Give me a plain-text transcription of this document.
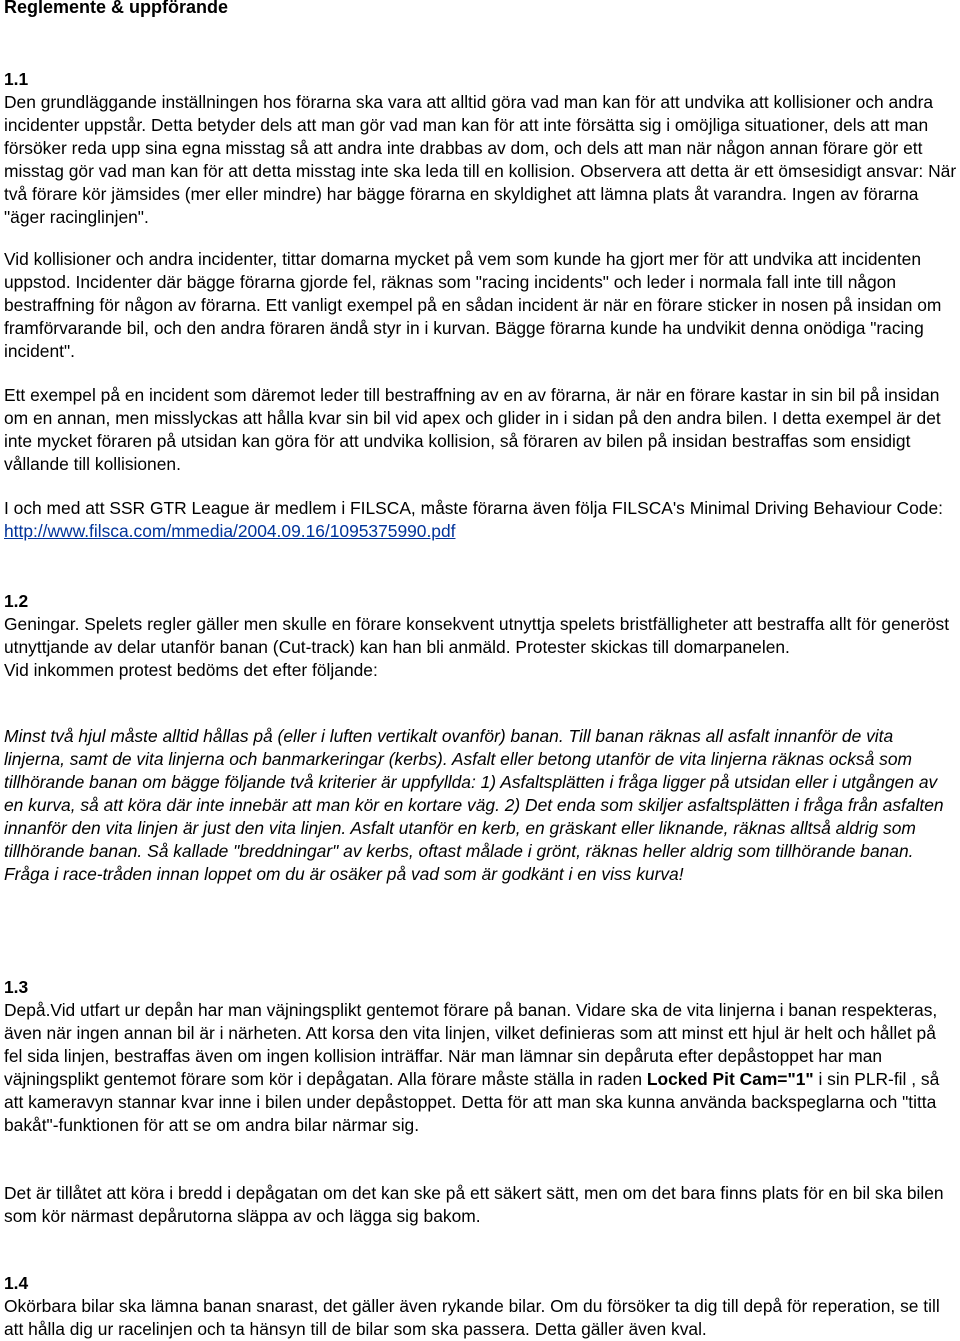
Reglemente & uppförande
1.1
Den grundläggande inställningen hos förarna ska vara att alltid göra vad man kan för att undvika att kollisioner och andra incidenter uppstår. Detta betyder dels att man gör vad man kan för att inte försätta sig i omöjliga situationer, dels att man försöker reda upp sina egna misstag så att andra inte drabbas av dom, och dels att man när någon annan förare gör ett misstag gör vad man kan för att detta misstag inte ska leda till en kollision. Observera att detta är ett ömsesidigt ansvar: När två förare kör jämsides (mer eller mindre) har bägge förarna en skyldighet att lämna plats åt varandra. Ingen av förarna "äger racinglinjen".
Vid kollisioner och andra incidenter, tittar domarna mycket på vem som kunde ha gjort mer för att undvika att incidenten uppstod. Incidenter där bägge förarna gjorde fel, räknas som "racing incidents" och leder i normala fall inte till någon bestraffning för någon av förarna. Ett vanligt exempel på en sådan incident är när en förare sticker in nosen på insidan om framförvarande bil, och den andra föraren ändå styr in i kurvan. Bägge förarna kunde ha undvikit denna onödiga "racing incident".
Ett exempel på en incident som däremot leder till bestraffning av en av förarna, är när en förare kastar in sin bil på insidan om en annan, men misslyckas att hålla kvar sin bil vid apex och glider in i sidan på den andra bilen. I detta exempel är det inte mycket föraren på utsidan kan göra för att undvika kollision, så föraren av bilen på insidan bestraffas som ensidigt vållande till kollisionen.
I och med att SSR GTR League är medlem i FILSCA, måste förarna även följa FILSCA's Minimal Driving Behaviour Code: http://www.filsca.com/mmedia/2004.09.16/1095375990.pdf
1.2
Geningar. Spelets regler gäller men skulle en förare konsekvent utnyttja spelets bristfälligheter att bestraffa allt för generöst utnyttjande av delar utanför banan (Cut-track) kan han bli anmäld. Protester skickas till domarpanelen.
Vid inkommen protest bedöms det efter följande:
Minst två hjul måste alltid hållas på (eller i luften vertikalt ovanför) banan. Till banan räknas all asfalt innanför de vita linjerna, samt de vita linjerna och banmarkeringar (kerbs). Asfalt eller betong utanför de vita linjerna räknas också som tillhörande banan om bägge följande två kriterier är uppfyllda: 1) Asfaltsplätten i fråga ligger på utsidan eller i utgången av en kurva, så att köra där inte innebär att man kör en kortare väg. 2) Det enda som skiljer asfaltsplätten i fråga från asfalten innanför den vita linjen är just den vita linjen. Asfalt utanför en kerb, en gräskant eller liknande, räknas alltså aldrig som tillhörande banan. Så kallade "breddningar" av kerbs, oftast målade i grönt, räknas heller aldrig som tillhörande banan. Fråga i race-tråden innan loppet om du är osäker på vad som är godkänt i en viss kurva!
1.3
Depå.Vid utfart ur depån har man väjningsplikt gentemot förare på banan. Vidare ska de vita linjerna i banan respekteras, även när ingen annan bil är i närheten. Att korsa den vita linjen, vilket definieras som att minst ett hjul är helt och hållet på fel sida linjen, bestraffas även om ingen kollision inträffar. När man lämnar sin depåruta efter depåstoppet har man väjningsplikt gentemot förare som kör i depågatan. Alla förare måste ställa in raden Locked Pit Cam="1" i sin PLR-fil , så att kameravyn stannar kvar inne i bilen under depåstoppet. Detta för att man ska kunna använda backspeglarna och "titta bakåt"-funktionen för att se om andra bilar närmar sig.
Det är tillåtet att köra i bredd i depågatan om det kan ske på ett säkert sätt, men om det bara finns plats för en bil ska bilen som kör närmast depårutorna släppa av och lägga sig bakom.
1.4
Okörbara bilar ska lämna banan snarast, det gäller även rykande bilar. Om du försöker ta dig till depå för reperation, se till att hålla dig ur racelinjen och ta hänsyn till de bilar som ska passera. Detta gäller även kval.
